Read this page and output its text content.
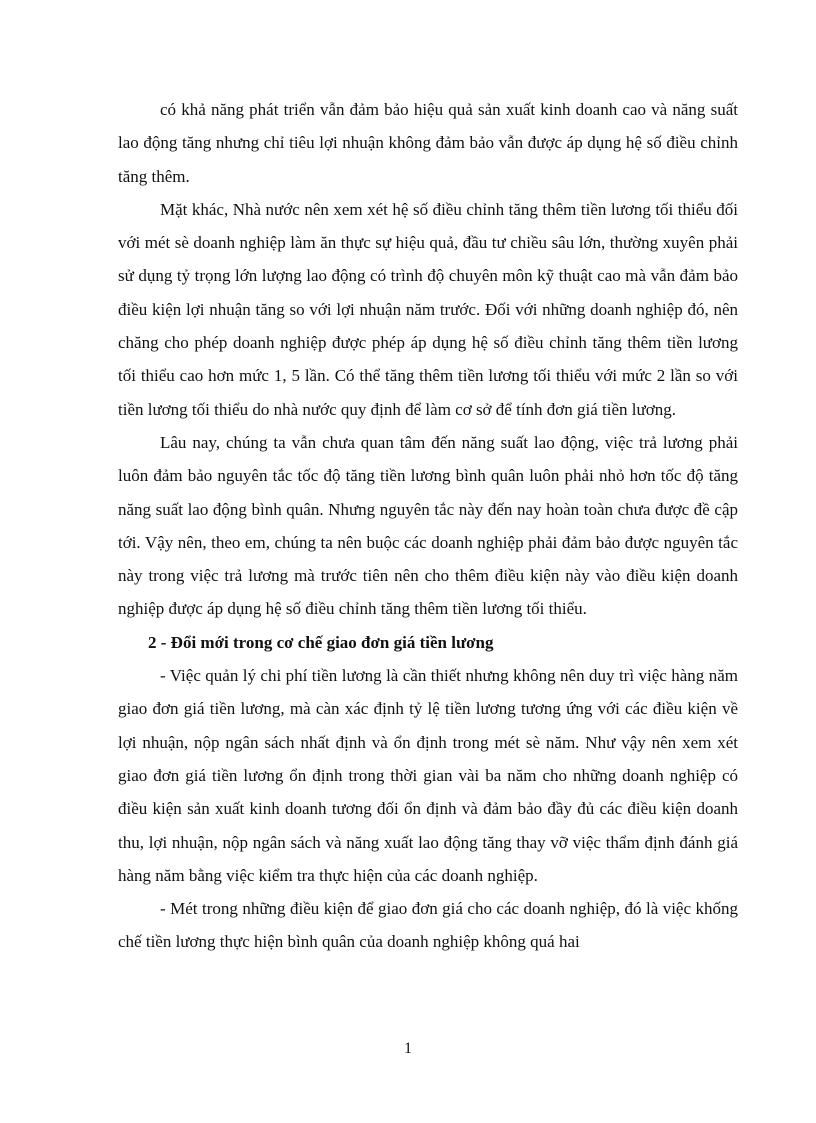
có khả năng phát triển vẫn đảm bảo hiệu quả sản xuất kinh doanh cao và năng suất lao động tăng nhưng chỉ tiêu lợi nhuận không đảm bảo vẫn được áp dụng hệ số điều chỉnh tăng thêm.

Mặt khác, Nhà nước nên xem xét hệ số điều chỉnh tăng thêm tiền lương tối thiểu đối với mét sè doanh nghiệp làm ăn thực sự hiệu quả, đầu tư chiều sâu lớn, thường xuyên phải sử dụng tỷ trọng lớn lượng lao động có trình độ chuyên môn kỹ thuật cao mà vẫn đảm bảo điều kiện lợi nhuận tăng so với lợi nhuận năm trước. Đối với những doanh nghiệp đó, nên chăng cho phép doanh nghiệp được phép áp dụng hệ số điều chỉnh tăng thêm tiền lương tối thiểu cao hơn mức 1, 5 lần. Có thể tăng thêm tiền lương tối thiểu với mức 2 lần so với tiền lương tối thiểu do nhà nước quy định để làm cơ sở để tính đơn giá tiền lương.

Lâu nay, chúng ta vẫn chưa quan tâm đến năng suất lao động, việc trả lương phải luôn đảm bảo nguyên tắc tốc độ tăng tiền lương bình quân luôn phải nhỏ hơn tốc độ tăng năng suất lao động bình quân. Nhưng nguyên tắc này đến nay hoàn toàn chưa được đề cập tới. Vậy nên, theo em, chúng ta nên buộc các doanh nghiệp phải đảm bảo được nguyên tắc này trong việc trả lương mà trước tiên nên cho thêm điều kiện này vào điều kiện doanh nghiệp được áp dụng hệ số điều chỉnh tăng thêm tiền lương tối thiểu.

2 - Đổi mới trong cơ chế giao đơn giá tiền lương

- Việc quản lý chi phí tiền lương là cần thiết nhưng không nên duy trì việc hàng năm giao đơn giá tiền lương, mà càn xác định tỷ lệ tiền lương tương ứng với các điều kiện về lợi nhuận, nộp ngân sách nhất định và ổn định trong mét sè năm. Như vậy nên xem xét giao đơn giá tiền lương ổn định trong thời gian vài ba năm cho những doanh nghiệp có điều kiện sản xuất kinh doanh tương đối ổn định và đảm bảo đầy đủ các điều kiện doanh thu, lợi nhuận, nộp ngân sách và năng xuất lao động tăng thay vỡ việc thẩm định đánh giá hàng năm bằng việc kiểm tra thực hiện của các doanh nghiệp.

- Mét trong những điều kiện để giao đơn giá cho các doanh nghiệp, đó là việc khống chế tiền lương thực hiện bình quân của doanh nghiệp không quá hai

1
